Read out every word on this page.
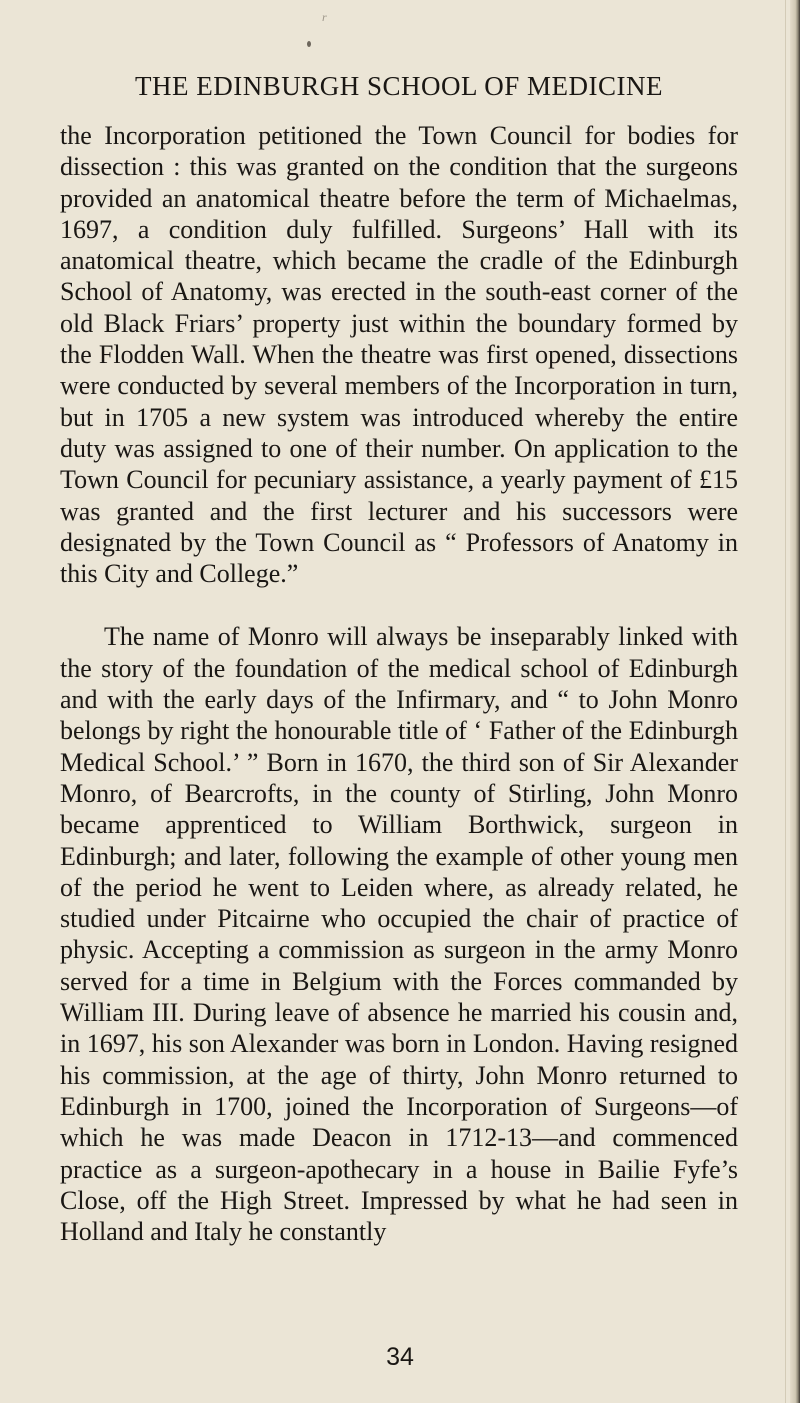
r
THE EDINBURGH SCHOOL OF MEDICINE

the Incorporation petitioned the Town Council for bodies for dissection : this was granted on the condition that the surgeons provided an anatomical theatre before the term of Michaelmas, 1697, a condition duly fulfilled. Surgeons’ Hall with its anatomical theatre, which became the cradle of the Edinburgh School of Anatomy, was erected in the south-east corner of the old Black Friars’ property just within the boundary formed by the Flodden Wall. When the theatre was first opened, dissections were conducted by several members of the Incorporation in turn, but in 1705 a new system was introduced whereby the entire duty was assigned to one of their number. On application to the Town Council for pecuniary assistance, a yearly payment of £15 was granted and the first lecturer and his successors were designated by the Town Council as “ Professors of Anatomy in this City and College.”

The name of Monro will always be inseparably linked with the story of the foundation of the medical school of Edinburgh and with the early days of the Infirmary, and “ to John Monro belongs by right the honourable title of ‘ Father of the Edinburgh Medical School.’ ” Born in 1670, the third son of Sir Alexander Monro, of Bearcrofts, in the county of Stirling, John Monro became apprenticed to William Borthwick, surgeon in Edinburgh; and later, following the example of other young men of the period he went to Leiden where, as already related, he studied under Pitcairne who occupied the chair of practice of physic. Accepting a commission as surgeon in the army Monro served for a time in Belgium with the Forces commanded by William III. During leave of absence he married his cousin and, in 1697, his son Alexander was born in London. Having resigned his commission, at the age of thirty, John Monro returned to Edinburgh in 1700, joined the Incorporation of Surgeons—of which he was made Deacon in 1712-13—and commenced practice as a surgeon-apothecary in a house in Bailie Fyfe’s Close, off the High Street. Impressed by what he had seen in Holland and Italy he constantly

34
